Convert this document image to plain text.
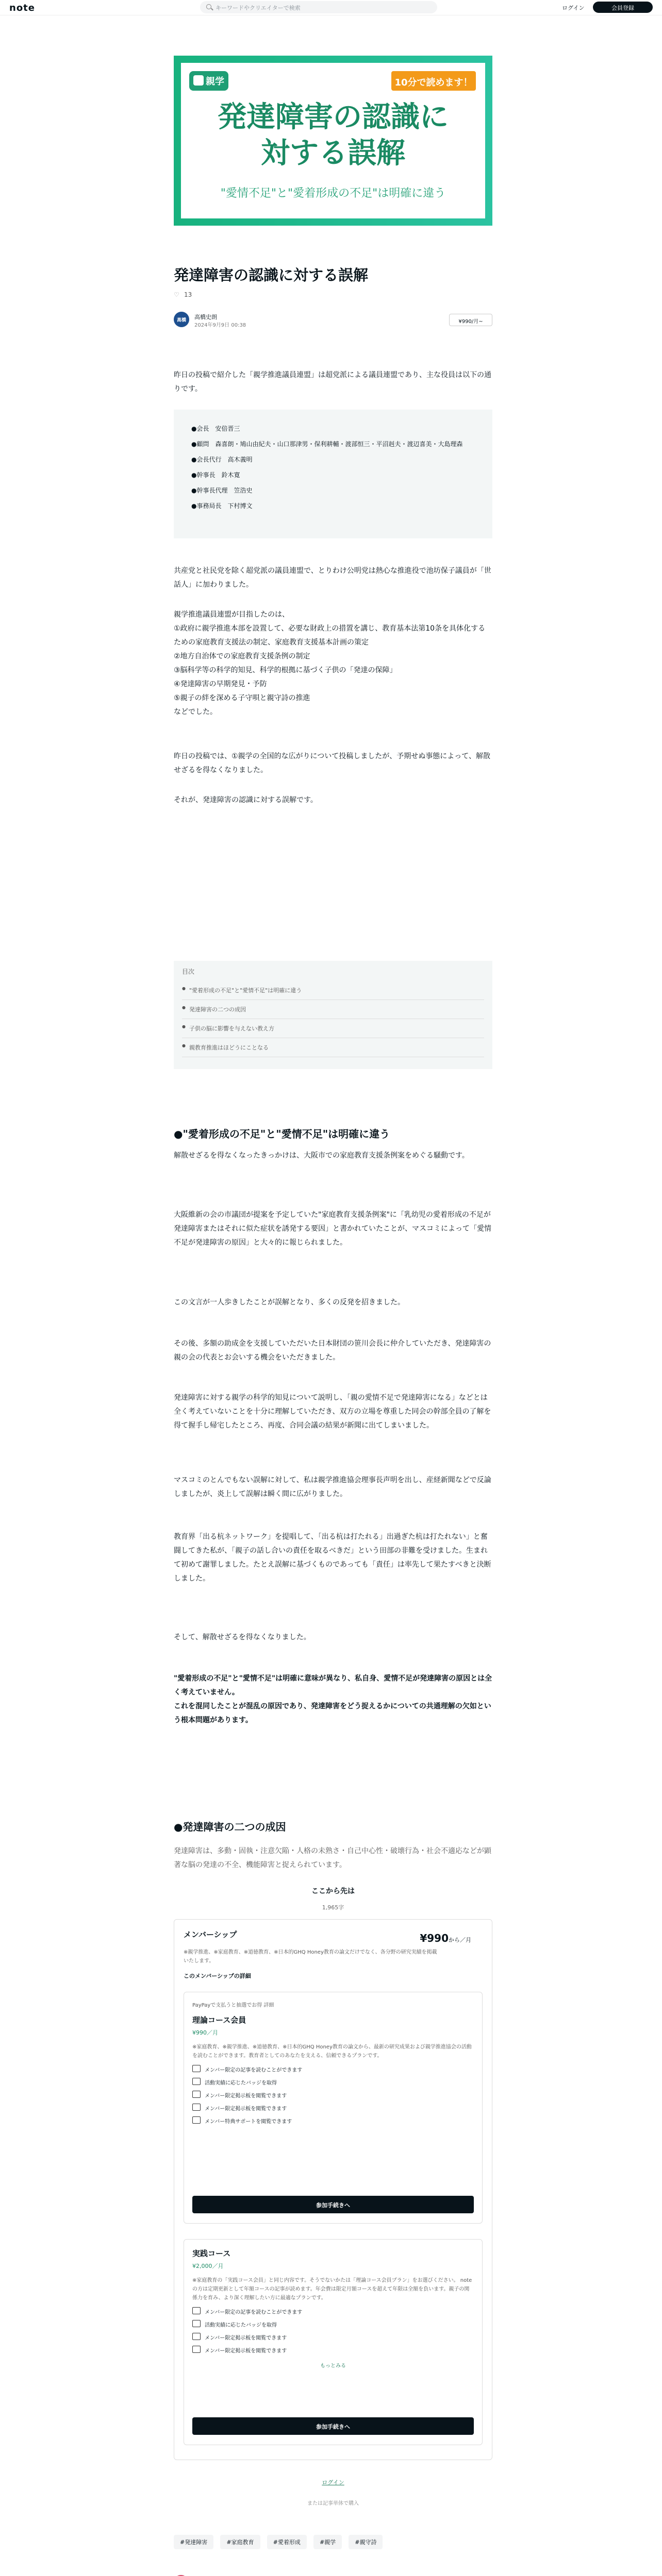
note	キーワードやクリエイターで検索	ログイン	会員登録
親学	10分で読めます！
発達障害の認識に
対する誤解
"愛情不足"と"愛着形成の不足"は明確に違う
発達障害の認識に対する誤解
♡ 13
高橋	高橋史朗
2024年9月9日 00:38
¥990/月~
昨日の投稿で紹介した「親学推進議員連盟」は超党派による議員連盟であり、主な役員は以下の通りです。
●会長　安倍晋三
●顧問　森喜朗・鳩山由紀夫・山口那津男・保利耕輔・渡部恒三・平沼赳夫・渡辺喜美・大島理森
●会長代行　高木義明
●幹事長　鈴木寛
●幹事長代理　笠浩史
●事務局長　下村博文
共産党と社民党を除く超党派の議員連盟で、とりわけ公明党は熱心な推進役で池坊保子議員が「世話人」に加わりました。
親学推進議員連盟が目指したのは、
①政府に親学推進本部を設置して、必要な財政上の措置を講じ、教育基本法第10条を具体化するための家庭教育支援法の制定、家庭教育支援基本計画の策定
②地方自治体での家庭教育支援条例の制定
③脳科学等の科学的知見、科学的根拠に基づく子供の「発達の保障」
④発達障害の早期発見・予防
⑤親子の絆を深める子守唄と親守詩の推進
などでした。
昨日の投稿では、①親学の全国的な広がりについて投稿しましたが、予期せぬ事態によって、解散せざるを得なくなりました。
それが、発達障害の認識に対する誤解です。
目次
● "愛着形成の不足"と"愛情不足"は明確に違う
● 発達障害の二つの成因
● 子供の脳に影響を与えない教え方
● 親教育推進はほどうにことなる
●"愛着形成の不足"と"愛情不足"は明確に違う
解散せざるを得なくなったきっかけは、大阪市での家庭教育支援条例案をめぐる騒動です。
大阪維新の会の市議団が提案を予定していた"家庭教育支援条例案"に「乳幼児の愛着形成の不足が発達障害またはそれに似た症状を誘発する要因」と書かれていたことが、マスコミによって「愛情不足が発達障害の原因」と大々的に報じられました。
この文言が一人歩きしたことが誤解となり、多くの反発を招きました。
その後、多額の助成金を支援していただいた日本財団の笹川会長に仲介していただき、発達障害の親の会の代表とお会いする機会をいただきました。
発達障害に対する親学の科学的知見について説明し、「親の愛情不足で発達障害になる」などとは全く考えていないことを十分に理解していただき、双方の立場を尊重した同会の幹部全員の了解を得て握手し帰宅したところ、再度、合同会議の結果が新聞に出てしまいました。
マスコミのとんでもない誤解に対して、私は親学推進協会理事長声明を出し、産経新聞などで反論しましたが、炎上して誤解は瞬く間に広がりました。
教育界「出る杭ネットワーク」を提唱して、「出る杭は打たれる」出過ぎた杭は打たれない」と奮闘してきた私が、「親子の話し合いの責任を取るべきだ」という田部の非難を受けました。生まれて初めて謝罪しました。たとえ誤解に基づくものであっても「責任」は率先して果たすべきと決断しました。
そして、解散せざるを得なくなりました。
"愛着形成の不足"と"愛情不足"は明確に意味が異なり、私自身、愛情不足が発達障害の原因とは全く考えていません。
これを混同したことが混乱の原因であり、発達障害をどう捉えるかについての共通理解の欠如という根本問題があります。
●発達障害の二つの成因
発達障害は、多動・固執・注意欠陥・人格の未熟さ・自己中心性・破壊行為・社会不適応などが顕著な脳の発達の不全、機能障害と捉えられています。
ここから先は
1,965字
メンバーシップ	¥990から／月
※親学推進、※家庭教育、※道徳教育、※日本的GHQ Honey教育の論文だけでなく、各分野の研究実績を掲載いたします。
このメンバーシップの詳細
PayPayで支払うと抽選でお得 詳細
理論コース会員
¥990／月
※家庭教育、※親学推進、※道徳教育、※日本的GHQ Honey教育の論文から、最新の研究成果および親学推進協会の活動を読むことができます。教育者としてのあなたを支える、信頼できるプランです。
メンバー限定の記事を読むことができます
活動実績に応じたバッジを取得
メンバー限定掲示板を閲覧できます
メンバー限定掲示板を閲覧できます
メンバー特典サポートを閲覧できます
参加手続きへ
実践コース
¥2,000／月
※家庭教育の「実践コース会員」と同じ内容です。そうでないかたは「理論コース会員プラン」をお選びください。 noteの方は定期更新として年額コースの記事が読めます。年会費は限定月額コースを超えて年限は全額を負います。親子の関係力を育み、より深く理解したい方に最適なプランです。
メンバー限定の記事を読むことができます
活動実績に応じたバッジを取得
メンバー限定掲示板を閲覧できます
メンバー限定掲示板を閲覧できます
もっとみる
参加手続きへ
ログイン
または記事単体で購入
#発達障害	#家庭教育	#愛着形成	#親学	#親守詩
